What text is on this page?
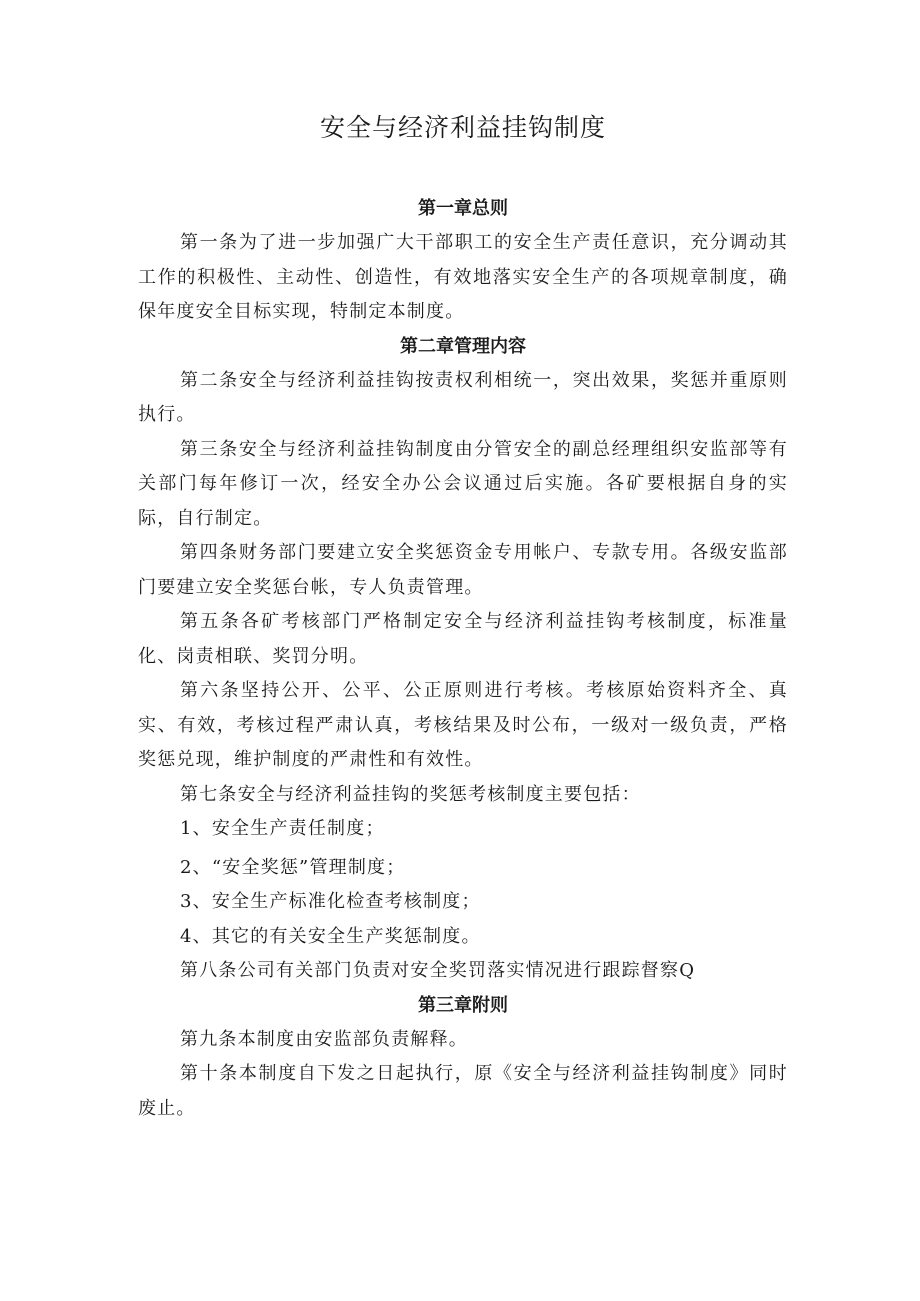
安全与经济利益挂钩制度
第一章总则

第一条为了进一步加强广大干部职工的安全生产责任意识，充分调动其工作的积极性、主动性、创造性，有效地落实安全生产的各项规章制度，确保年度安全目标实现，特制定本制度。

第二章管理内容

第二条安全与经济利益挂钩按责权利相统一，突出效果，奖惩并重原则执行。

第三条安全与经济利益挂钩制度由分管安全的副总经理组织安监部等有关部门每年修订一次，经安全办公会议通过后实施。各矿要根据自身的实际，自行制定。

第四条财务部门要建立安全奖惩资金专用帐户、专款专用。各级安监部门要建立安全奖惩台帐，专人负责管理。

第五条各矿考核部门严格制定安全与经济利益挂钩考核制度，标准量化、岗责相联、奖罚分明。

第六条坚持公开、公平、公正原则进行考核。考核原始资料齐全、真实、有效，考核过程严肃认真，考核结果及时公布，一级对一级负责，严格奖惩兑现，维护制度的严肃性和有效性。

第七条安全与经济利益挂钩的奖惩考核制度主要包括：

1、安全生产责任制度；

2、“安全奖惩”管理制度；

3、安全生产标准化检查考核制度；

4、其它的有关安全生产奖惩制度。

第八条公司有关部门负责对安全奖罚落实情况进行跟踪督察Q

第三章附则

第九条本制度由安监部负责解释。

第十条本制度自下发之日起执行，原《安全与经济利益挂钩制度》同时废止。
